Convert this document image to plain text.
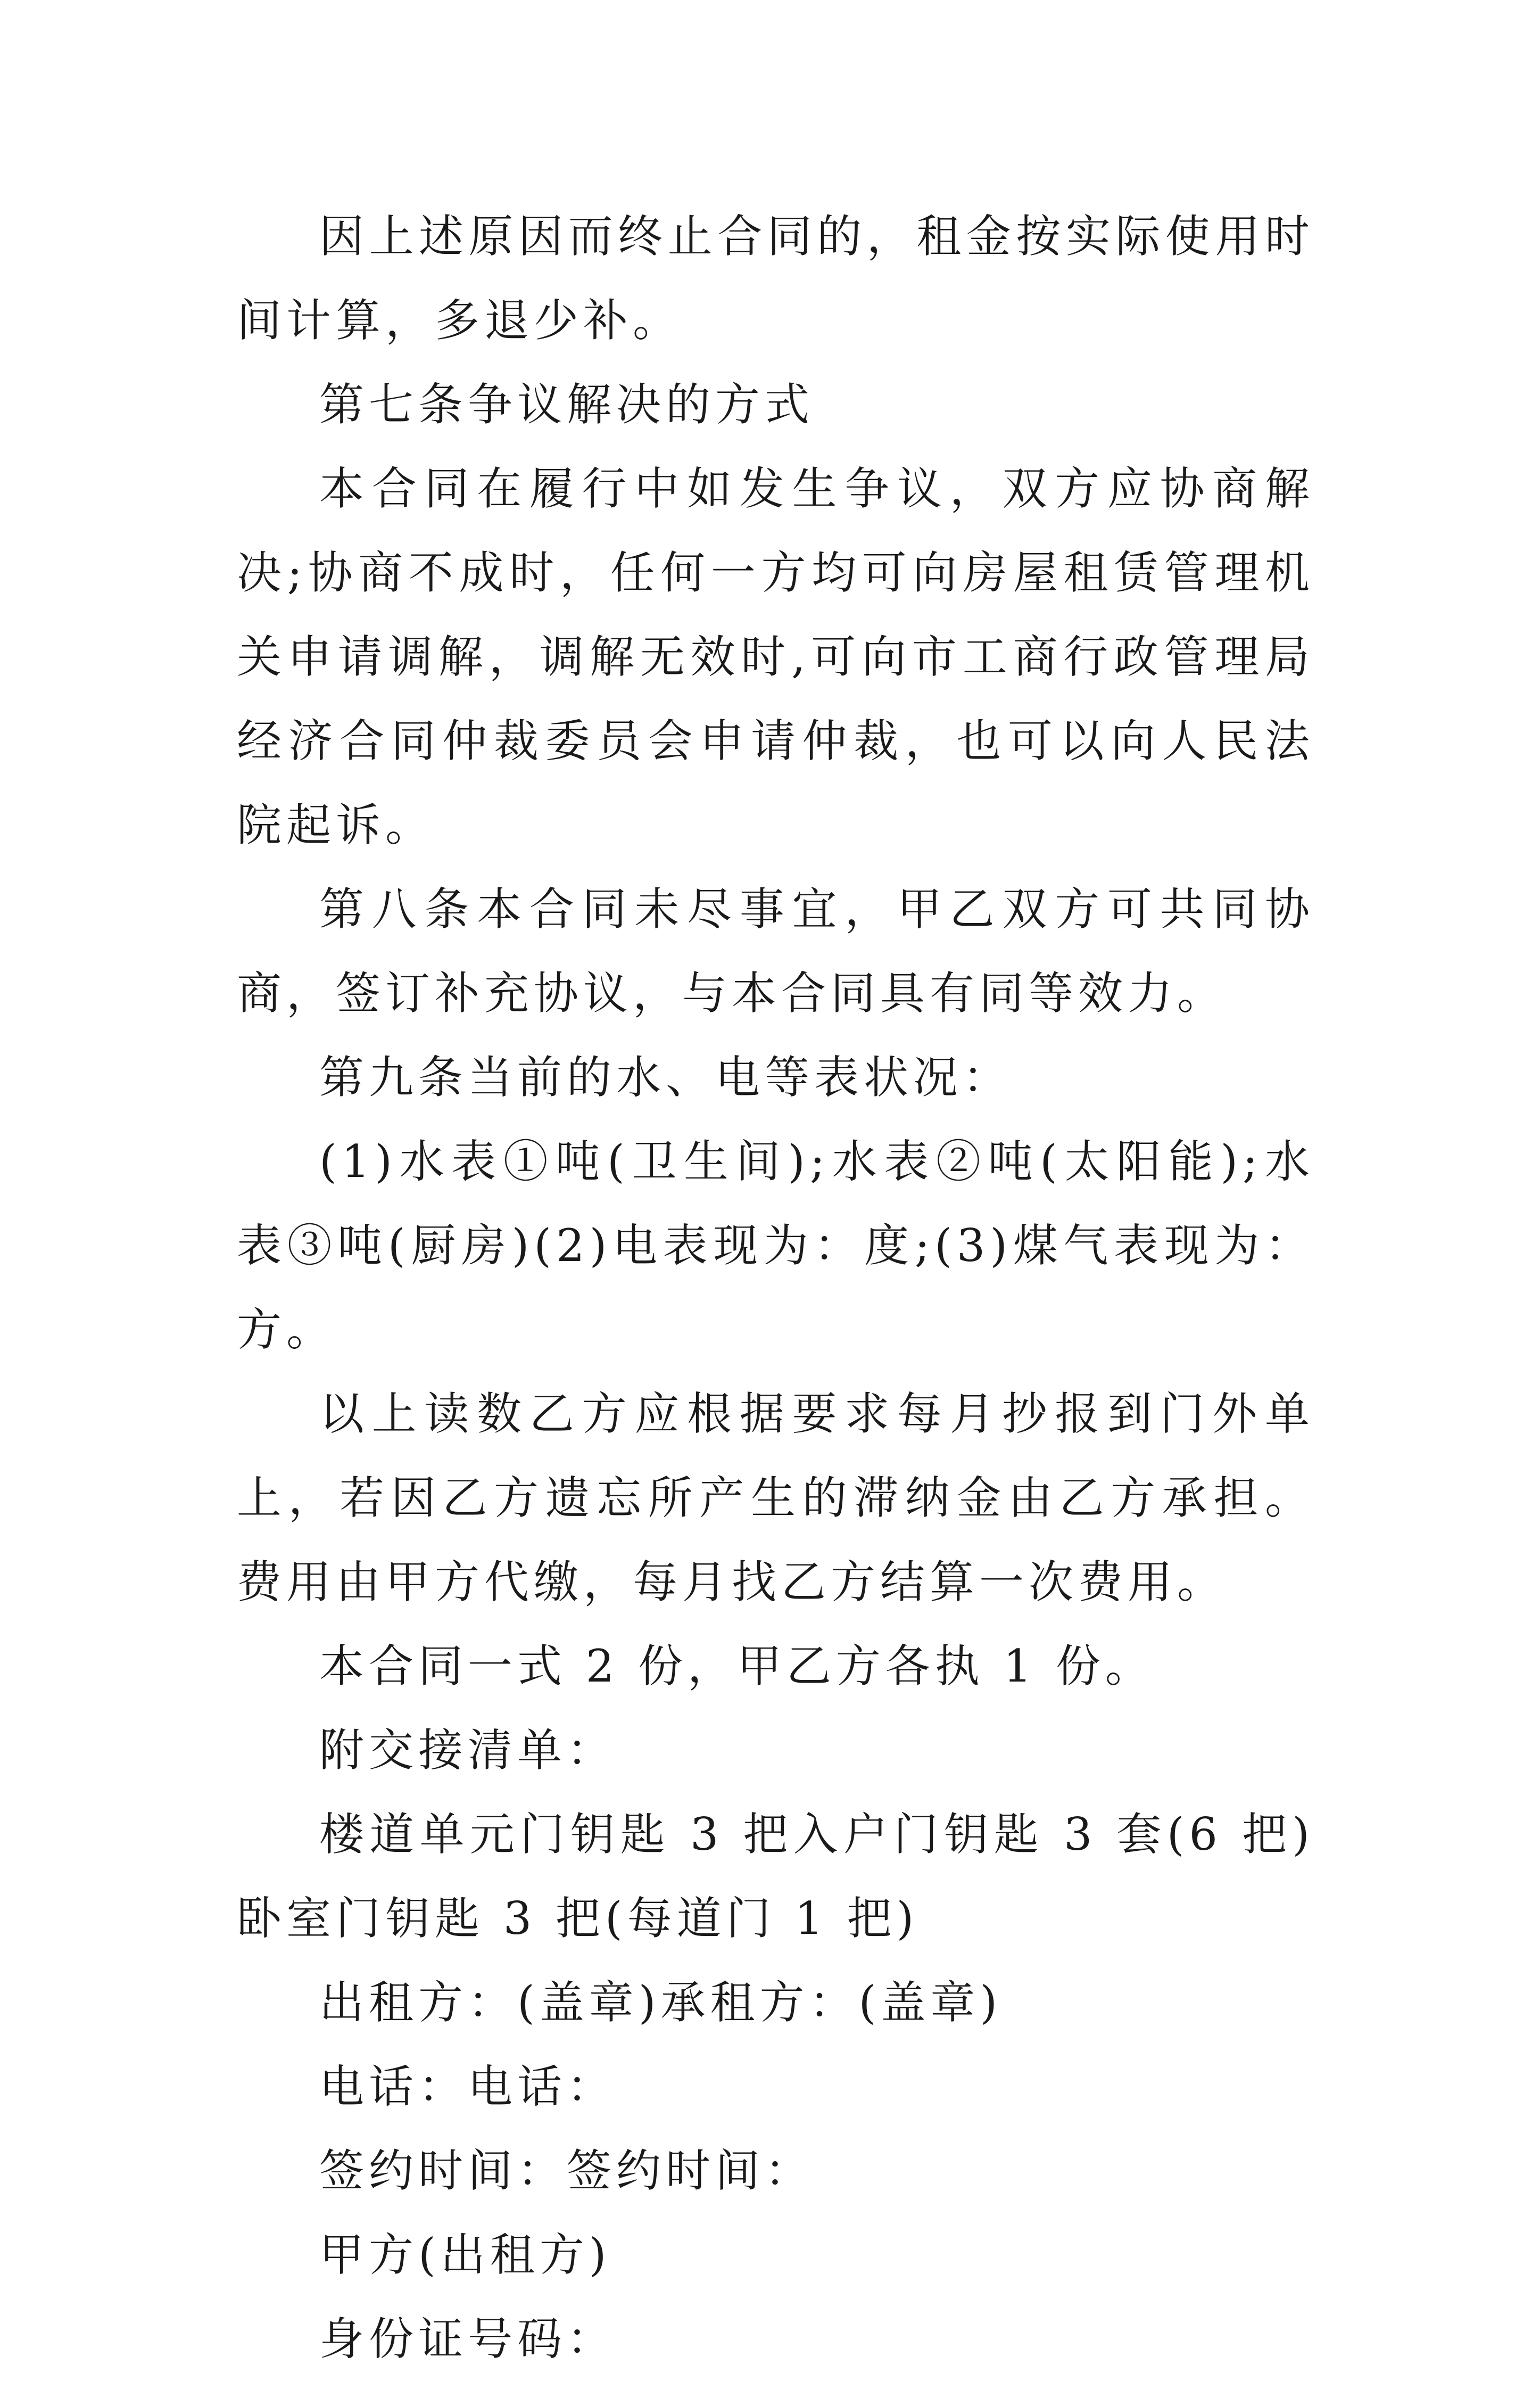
因上述原因而终止合同的，租金按实际使用时间计算，多退少补。

第七条争议解决的方式

本合同在履行中如发生争议，双方应协商解决;协商不成时，任何一方均可向房屋租赁管理机关申请调解，调解无效时,可向市工商行政管理局经济合同仲裁委员会申请仲裁，也可以向人民法院起诉。

第八条本合同未尽事宜，甲乙双方可共同协商，签订补充协议，与本合同具有同等效力。

第九条当前的水、电等表状况：

(1)水表①吨(卫生间);水表②吨(太阳能);水表③吨(厨房)(2)电表现为：度;(3)煤气表现为：方。

以上读数乙方应根据要求每月抄报到门外单上，若因乙方遗忘所产生的滞纳金由乙方承担。费用由甲方代缴，每月找乙方结算一次费用。

本合同一式 2 份，甲乙方各执 1 份。

附交接清单：

楼道单元门钥匙 3 把入户门钥匙 3 套(6 把)卧室门钥匙 3 把(每道门 1 把)

出租方：(盖章)承租方：(盖章)

电话：电话：

签约时间：签约时间：

甲方(出租方)

身份证号码：
